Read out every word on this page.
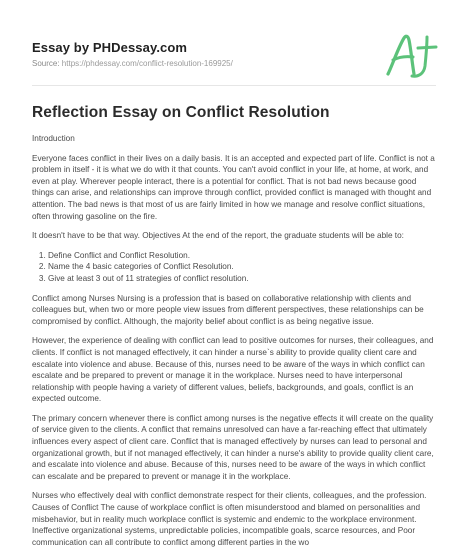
Essay by PHDessay.com
Source: https://phdessay.com/conflict-resolution-169925/
Reflection Essay on Conflict Resolution

Introduction

Everyone faces conflict in their lives on a daily basis. It is an accepted and expected part of life. Conflict is not a problem in itself - it is what we do with it that counts. You can't avoid conflict in your life, at home, at work, and even at play. Wherever people interact, there is a potential for conflict. That is not bad news because good things can arise, and relationships can improve through conflict, provided conflict is managed with thought and attention. The bad news is that most of us are fairly limited in how we manage and resolve conflict situations, often throwing gasoline on the fire.

It doesn't have to be that way. Objectives At the end of the report, the graduate students will be able to:

1. Define Conflict and Conflict Resolution.
2. Name the 4 basic categories of Conflict Resolution.
3. Give at least 3 out of 11 strategies of conflict resolution.

Conflict among Nurses Nursing is a profession that is based on collaborative relationship with clients and colleagues but, when two or more people view issues from different perspectives, these relationships can be compromised by conflict. Although, the majority belief about conflict is as being negative issue.

However, the experience of dealing with conflict can lead to positive outcomes for nurses, their colleagues, and clients. If conflict is not managed effectively, it can hinder a nurse`s ability to provide quality client care and escalate into violence and abuse. Because of this, nurses need to be aware of the ways in which conflict can escalate and be prepared to prevent or manage it in the workplace. Nurses need to have interpersonal relationship with people having a variety of different values, beliefs, backgrounds, and goals, conflict is an expected outcome.

The primary concern whenever there is conflict among nurses is the negative effects it will create on the quality of service given to the clients. A conflict that remains unresolved can have a far-reaching effect that ultimately influences every aspect of client care. Conflict that is managed effectively by nurses can lead to personal and organizational growth, but if not managed effectively, it can hinder a nurse's ability to provide quality client care, and escalate into violence and abuse. Because of this, nurses need to be aware of the ways in which conflict can escalate and be prepared to prevent or manage it in the workplace.

Nurses who effectively deal with conflict demonstrate respect for their clients, colleagues, and the profession. Causes of Conflict The cause of workplace conflict is often misunderstood and blamed on personalities and misbehavior, but in reality much workplace conflict is systemic and endemic to the workplace environment. Ineffective organizational systems, unpredictable policies, incompatible goals, scarce resources, and Poor communication can all contribute to conflict among different parties in the wo
